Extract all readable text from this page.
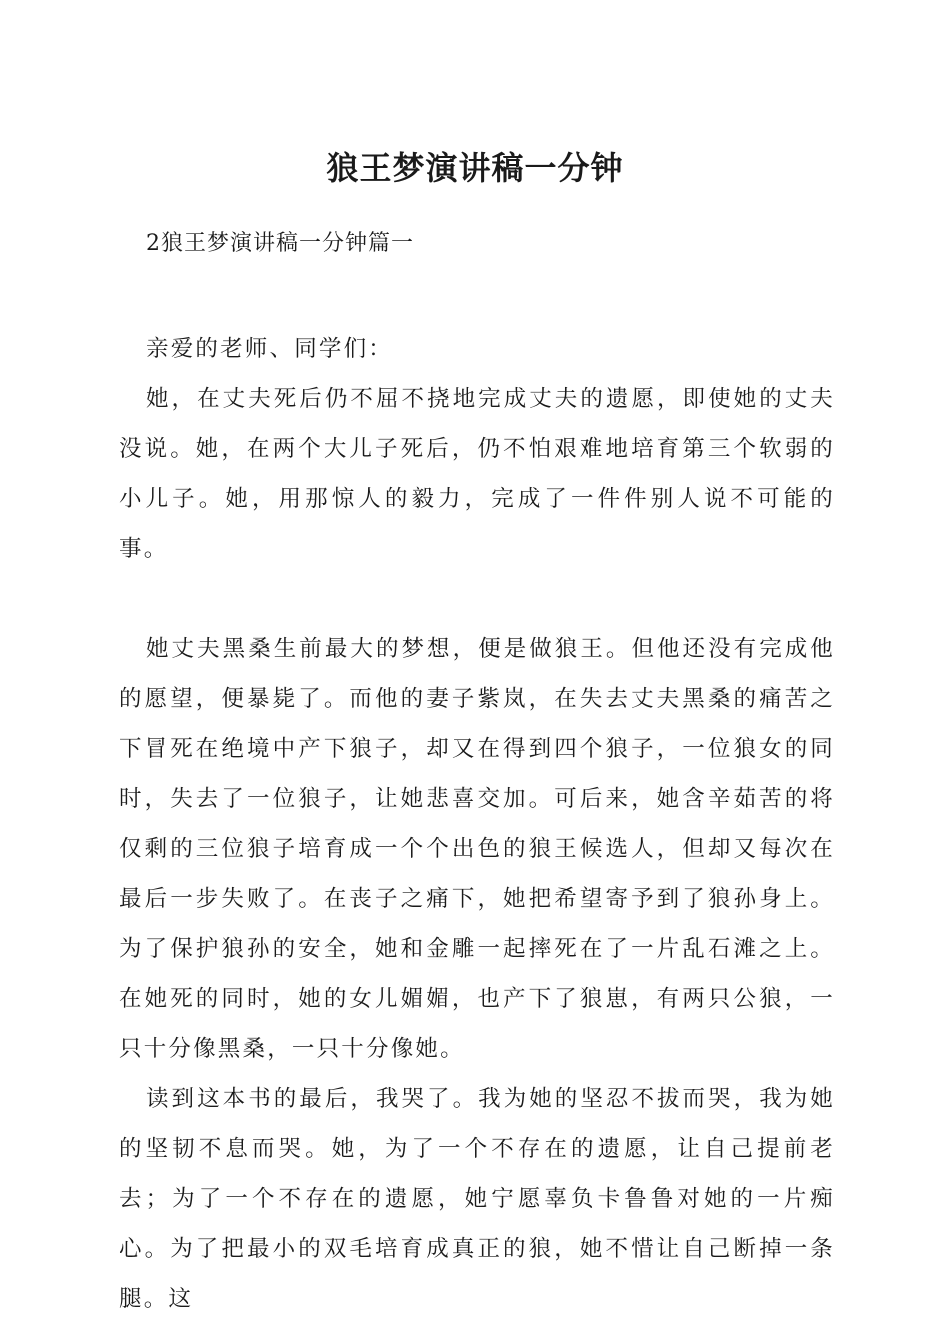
狼王梦演讲稿一分钟
2狼王梦演讲稿一分钟篇一

亲爱的老师、同学们：

她，在丈夫死后仍不屈不挠地完成丈夫的遗愿，即使她的丈夫没说。她，在两个大儿子死后，仍不怕艰难地培育第三个软弱的小儿子。她，用那惊人的毅力，完成了一件件别人说不可能的事。

她丈夫黑桑生前最大的梦想，便是做狼王。但他还没有完成他的愿望，便暴毙了。而他的妻子紫岚，在失去丈夫黑桑的痛苦之下冒死在绝境中产下狼子，却又在得到四个狼子，一位狼女的同时，失去了一位狼子，让她悲喜交加。可后来，她含辛茹苦的将仅剩的三位狼子培育成一个个出色的狼王候选人，但却又每次在最后一步失败了。在丧子之痛下，她把希望寄予到了狼孙身上。为了保护狼孙的安全，她和金雕一起摔死在了一片乱石滩之上。在她死的同时，她的女儿媚媚，也产下了狼崽，有两只公狼，一只十分像黑桑，一只十分像她。

读到这本书的最后，我哭了。我为她的坚忍不拔而哭，我为她的坚韧不息而哭。她，为了一个不存在的遗愿，让自己提前老去；为了一个不存在的遗愿，她宁愿辜负卡鲁鲁对她的一片痴心。为了把最小的双毛培育成真正的狼，她不惜让自己断掉一条腿。这
